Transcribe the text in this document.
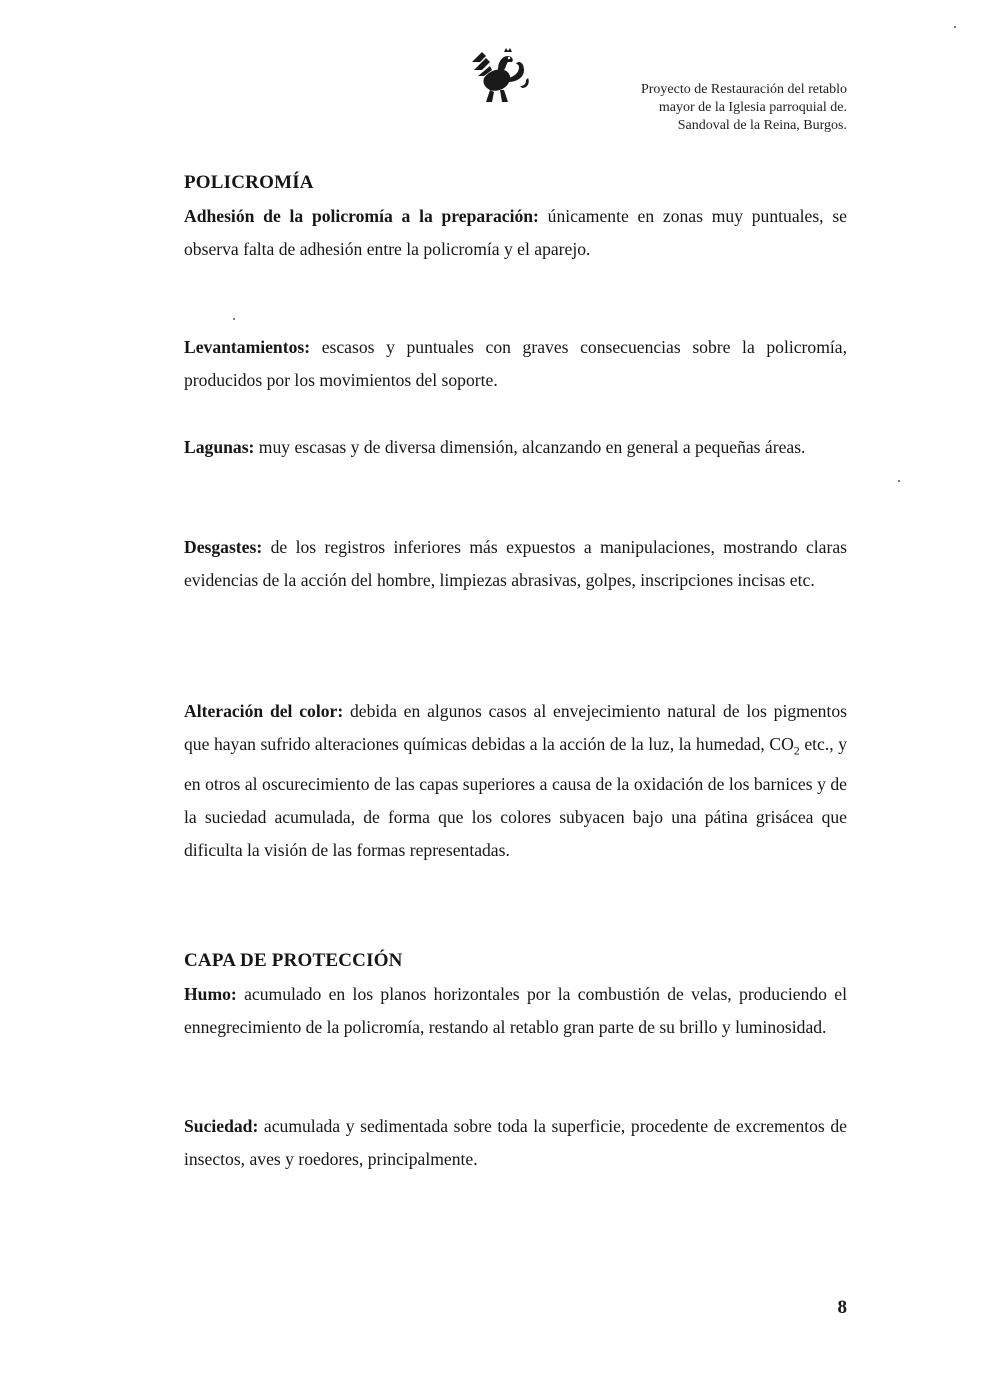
Proyecto de Restauración del retablo
mayor de la Iglesia parroquial de.
Sandoval de la Reina, Burgos.
POLICROMÍA

Adhesión de la policromía a la preparación: únicamente en zonas muy puntuales, se observa falta de adhesión entre la policromía y el aparejo.

Levantamientos: escasos y puntuales con graves consecuencias sobre la policromía, producidos por los movimientos del soporte.

Lagunas: muy escasas y de diversa dimensión, alcanzando en general a pequeñas áreas.

Desgastes: de los registros inferiores más expuestos a manipulaciones, mostrando claras evidencias de la acción del hombre, limpiezas abrasivas, golpes, inscripciones incisas etc.

Alteración del color: debida en algunos casos al envejecimiento natural de los pigmentos que hayan sufrido alteraciones químicas debidas a la acción de la luz, la humedad, $CO_2$ etc., y en otros al oscurecimiento de las capas superiores a causa de la oxidación de los barnices y de la suciedad acumulada, de forma que los colores subyacen bajo una pátina grisácea que dificulta la visión de las formas representadas.

CAPA DE PROTECCIÓN

Humo: acumulado en los planos horizontales por la combustión de velas, produciendo el ennegrecimiento de la policromía, restando al retablo gran parte de su brillo y luminosidad.

Suciedad: acumulada y sedimentada sobre toda la superficie, procedente de excrementos de insectos, aves y roedores, principalmente.

8
